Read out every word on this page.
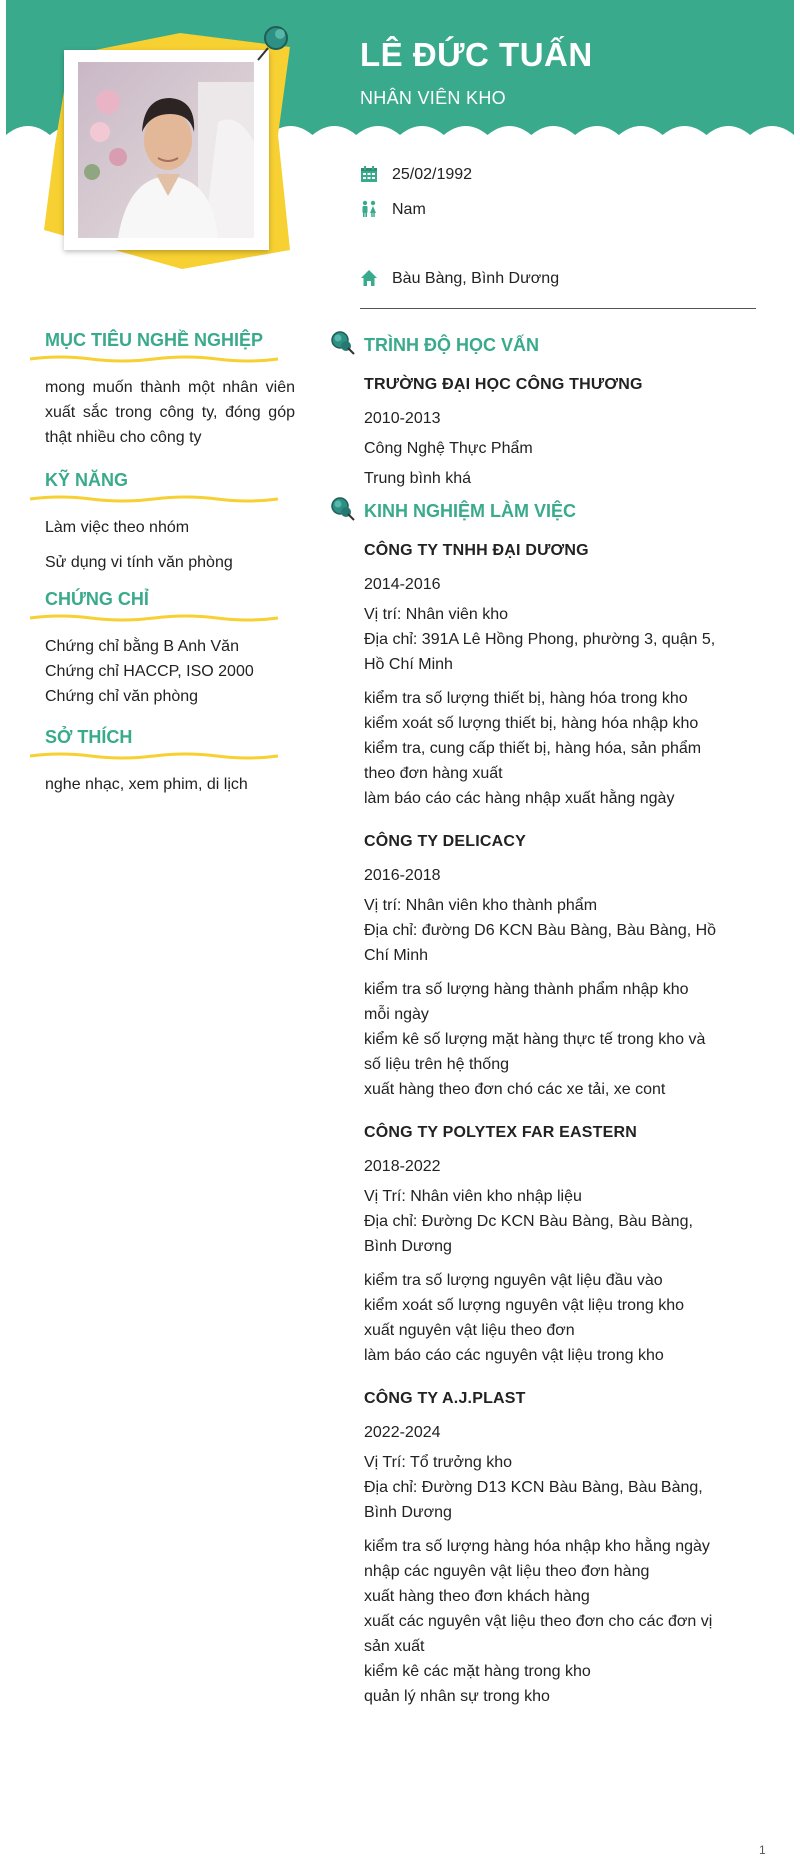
LÊ ĐỨC TUẤN
NHÂN VIÊN KHO
25/02/1992
Nam
Bàu Bàng, Bình Dương
MỤC TIÊU NGHỀ NGHIỆP
mong muốn thành một nhân viên xuất sắc trong công ty, đóng góp thật nhiều cho công ty
KỸ NĂNG
Làm việc theo nhóm
Sử dụng vi tính văn phòng
CHỨNG CHỈ
Chứng chỉ bằng B Anh Văn
Chứng chỉ HACCP, ISO 2000
Chứng chỉ văn phòng
SỞ THÍCH
nghe nhạc, xem phim, di lịch
TRÌNH ĐỘ HỌC VẤN
TRƯỜNG ĐẠI HỌC CÔNG THƯƠNG
2010-2013
Công Nghệ Thực Phẩm
Trung bình khá
KINH NGHIỆM LÀM VIỆC
CÔNG TY TNHH ĐẠI DƯƠNG
2014-2016
Vị trí: Nhân viên kho
Địa chỉ: 391A Lê Hồng Phong, phường 3, quận 5,
Hồ Chí Minh
kiểm tra số lượng thiết bị, hàng hóa trong kho
kiểm xoát số lượng thiết bị, hàng hóa nhập kho
kiểm tra, cung cấp thiết bị, hàng hóa, sản phẩm
theo đơn hàng xuất
làm báo cáo các hàng nhập xuất hằng ngày
CÔNG TY DELICACY
2016-2018
Vị trí: Nhân viên kho thành phẩm
Địa chỉ: đường D6 KCN Bàu Bàng, Bàu Bàng, Hồ
Chí Minh
kiểm tra số lượng hàng thành phẩm nhập kho
mỗi ngày
kiểm kê số lượng mặt hàng thực tế trong kho và
số liệu trên hệ thống
xuất hàng theo đơn chó các xe tải, xe cont
CÔNG TY POLYTEX FAR EASTERN
2018-2022
Vị Trí: Nhân viên kho nhập liệu
Địa chỉ: Đường Dc KCN Bàu Bàng, Bàu Bàng,
Bình Dương
kiểm tra số lượng nguyên vật liệu đầu vào
kiểm xoát số lượng nguyên vật liệu trong kho
xuất nguyên vật liệu theo đơn
làm báo cáo các nguyên vật liệu trong kho
CÔNG TY A.J.PLAST
2022-2024
Vị Trí: Tổ trưởng kho
Địa chỉ: Đường D13 KCN Bàu Bàng, Bàu Bàng,
Bình Dương
kiểm tra số lượng hàng hóa nhập kho hằng ngày
nhập các nguyên vật liệu theo đơn hàng
xuất hàng theo đơn khách hàng
xuất các nguyên vật liệu theo đơn cho các đơn vị
sản xuất
kiểm kê các mặt hàng trong kho
quản lý nhân sự trong kho
1
